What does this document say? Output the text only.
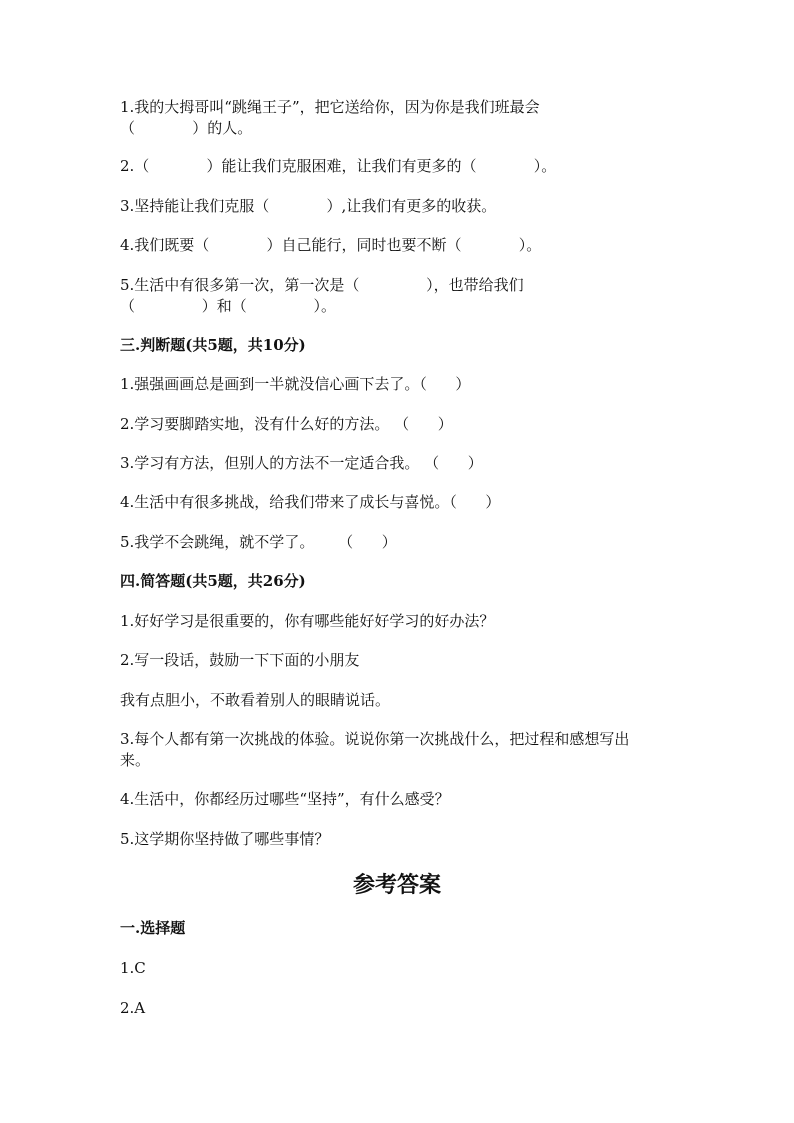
1.我的大拇哥叫“跳绳王子”，把它送给你，因为你是我们班最会
（            ）的人。
2.（            ）能让我们克服困难，让我们有更多的（            ）。
3.坚持能让我们克服（            ）,让我们有更多的收获。
4.我们既要（            ）自己能行，同时也要不断（            ）。
5.生活中有很多第一次，第一次是（              ），也带给我们
（              ）和（              ）。
三.判断题(共5题，共10分)
1.强强画画总是画到一半就没信心画下去了。（      ）
2.学习要脚踏实地，没有什么好的方法。 （      ）
3.学习有方法，但别人的方法不一定适合我。 （      ）
4.生活中有很多挑战，给我们带来了成长与喜悦。（      ）
5.我学不会跳绳，就不学了。     （      ）
四.简答题(共5题，共26分)
1.好好学习是很重要的，你有哪些能好好学习的好办法？
2.写一段话，鼓励一下下面的小朋友
我有点胆小，不敢看着别人的眼睛说话。
3.每个人都有第一次挑战的体验。说说你第一次挑战什么，把过程和感想写出
来。
4.生活中，你都经历过哪些“坚持”，有什么感受？
5.这学期你坚持做了哪些事情？
参考答案
一.选择题
1.C
2.A
